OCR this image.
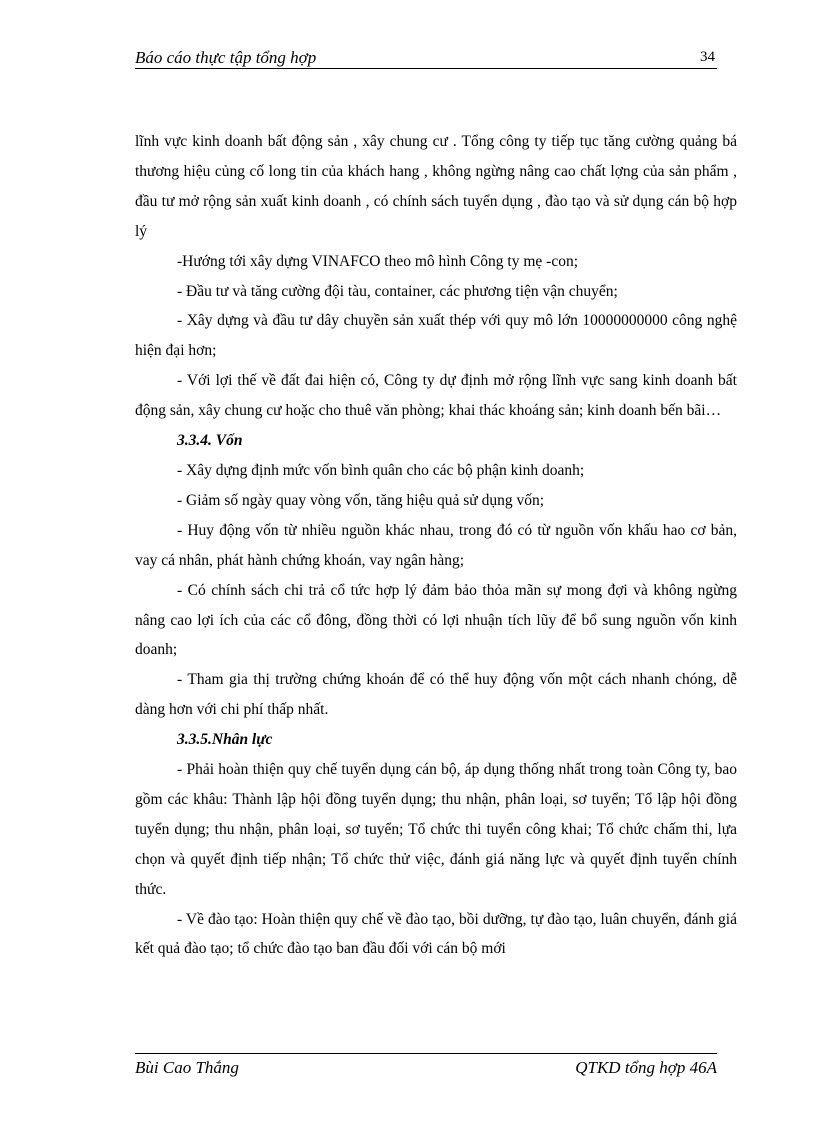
Báo cáo thực tập tổng hợp	34

lĩnh vực kinh doanh bất động sản , xây chung cư . Tổng công ty tiếp tục tăng cường quảng bá thương hiệu củng cố long tin của khách hang , không ngừng nâng cao chất lợng của sản phẩm , đầu tư mở rộng sản xuất kinh doanh , có chính sách tuyển dụng , đào tạo và sử dụng cán bộ hợp lý

-Hướng tới xây dựng VINAFCO theo mô hình Công ty mẹ -con;

- Đầu tư và tăng cường đội tàu, container, các phương tiện vận chuyển;

- Xây dựng và đầu tư dây chuyền sản xuất thép với quy mô lớn 10000000000 công nghệ hiện đại hơn;

- Với lợi thế về đất đai hiện có, Công ty dự định mở rộng lĩnh vực sang kinh doanh bất động sản, xây chung cư hoặc cho thuê văn phòng; khai thác khoáng sản; kinh doanh bến bãi…

3.3.4. Vốn

- Xây dựng định mức vốn bình quân cho các bộ phận kinh doanh;

- Giảm số ngày quay vòng vốn, tăng hiệu quả sử dụng vốn;

- Huy động vốn từ nhiều nguồn khác nhau, trong đó có từ nguồn vốn khấu hao cơ bản, vay cá nhân, phát hành chứng khoán, vay ngân hàng;

- Có chính sách chi trả cổ tức hợp lý đảm bảo thỏa mãn sự mong đợi và không ngừng nâng cao lợi ích của các cổ đông, đồng thời có lợi nhuận tích lũy để bổ sung nguồn vốn kinh doanh;

- Tham gia thị trường chứng khoán để có thể huy động vốn một cách nhanh chóng, dễ dàng hơn với chi phí thấp nhất.

3.3.5.Nhân lực

- Phải hoàn thiện quy chế tuyển dụng cán bộ, áp dụng thống nhất trong toàn Công ty, bao gồm các khâu: Thành lập hội đồng tuyển dụng; thu nhận, phân loại, sơ tuyển; Tổ lập hội đồng tuyển dụng; thu nhận, phân loại, sơ tuyển; Tổ chức thi tuyển công khai; Tổ chức chấm thi, lựa chọn và quyết định tiếp nhận; Tổ chức thử việc, đánh giá năng lực và quyết định tuyển chính thức.

- Về đào tạo: Hoàn thiện quy chế về đào tạo, bồi dưỡng, tự đào tạo, luân chuyển, đánh giá kết quả đào tạo; tổ chức đào tạo ban đầu đối với cán bộ mới

Bùi Cao Thắng	QTKD tổng hợp 46A
